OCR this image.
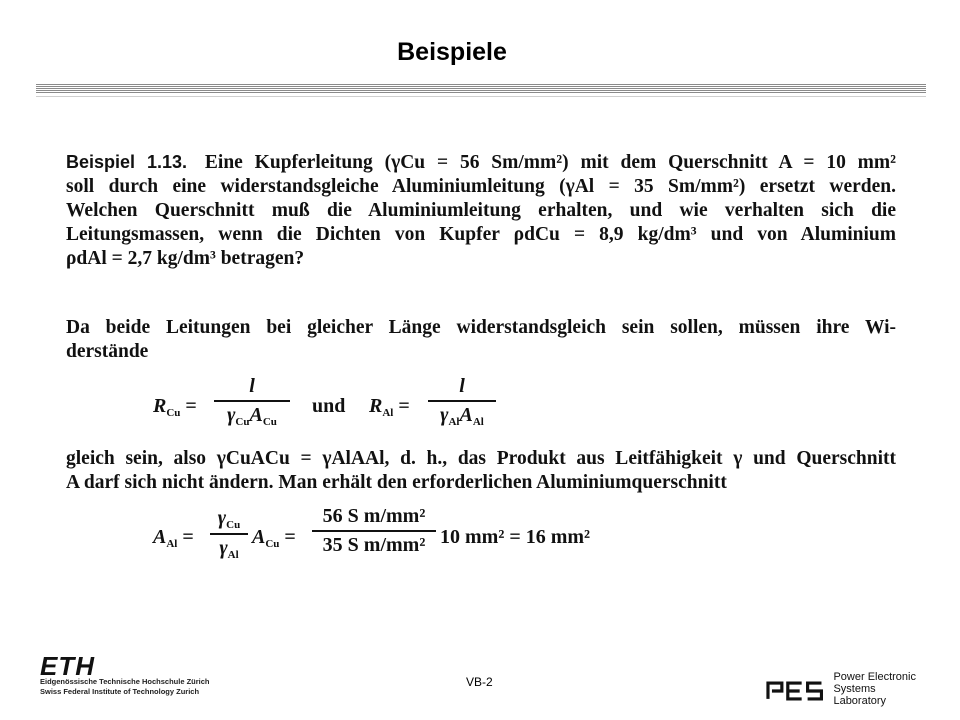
Beispiele
Beispiel 1.13. Eine Kupferleitung (γCu = 56 Sm/mm²) mit dem Querschnitt A = 10 mm²
soll durch eine widerstandsgleiche Aluminiumleitung (γAl = 35 Sm/mm²) ersetzt werden.
Welchen Querschnitt muß die Aluminiumleitung erhalten, und wie verhalten sich die
Leitungsmassen, wenn die Dichten von Kupfer ρdCu = 8,9 kg/dm³ und von Aluminium
ρdAl = 2,7 kg/dm³ betragen?
Da beide Leitungen bei gleicher Länge widerstandsgleich sein sollen, müssen ihre Wi-
derstände
$R_{Cu}$ =
l
$\gamma_{Cu}A_{Cu}$
und $R_{Al}$ =
l
$\gamma_{Al}A_{Al}$
gleich sein, also γCuACu = γAlAAl, d. h., das Produkt aus Leitfähigkeit γ und Querschnitt
A darf sich nicht ändern. Man erhält den erforderlichen Aluminiumquerschnitt
$A_{Al}$ =
$\gamma_{Cu}$
$\gamma_{Al}$
$A_{Cu}$ =
56 S m/mm²
35 S m/mm² 10 mm² = 16 mm²
ETH
Eidgenössische Technische Hochschule Zürich
Swiss Federal Institute of Technology Zurich
VB-2	Power Electronic Systems
Laboratory
